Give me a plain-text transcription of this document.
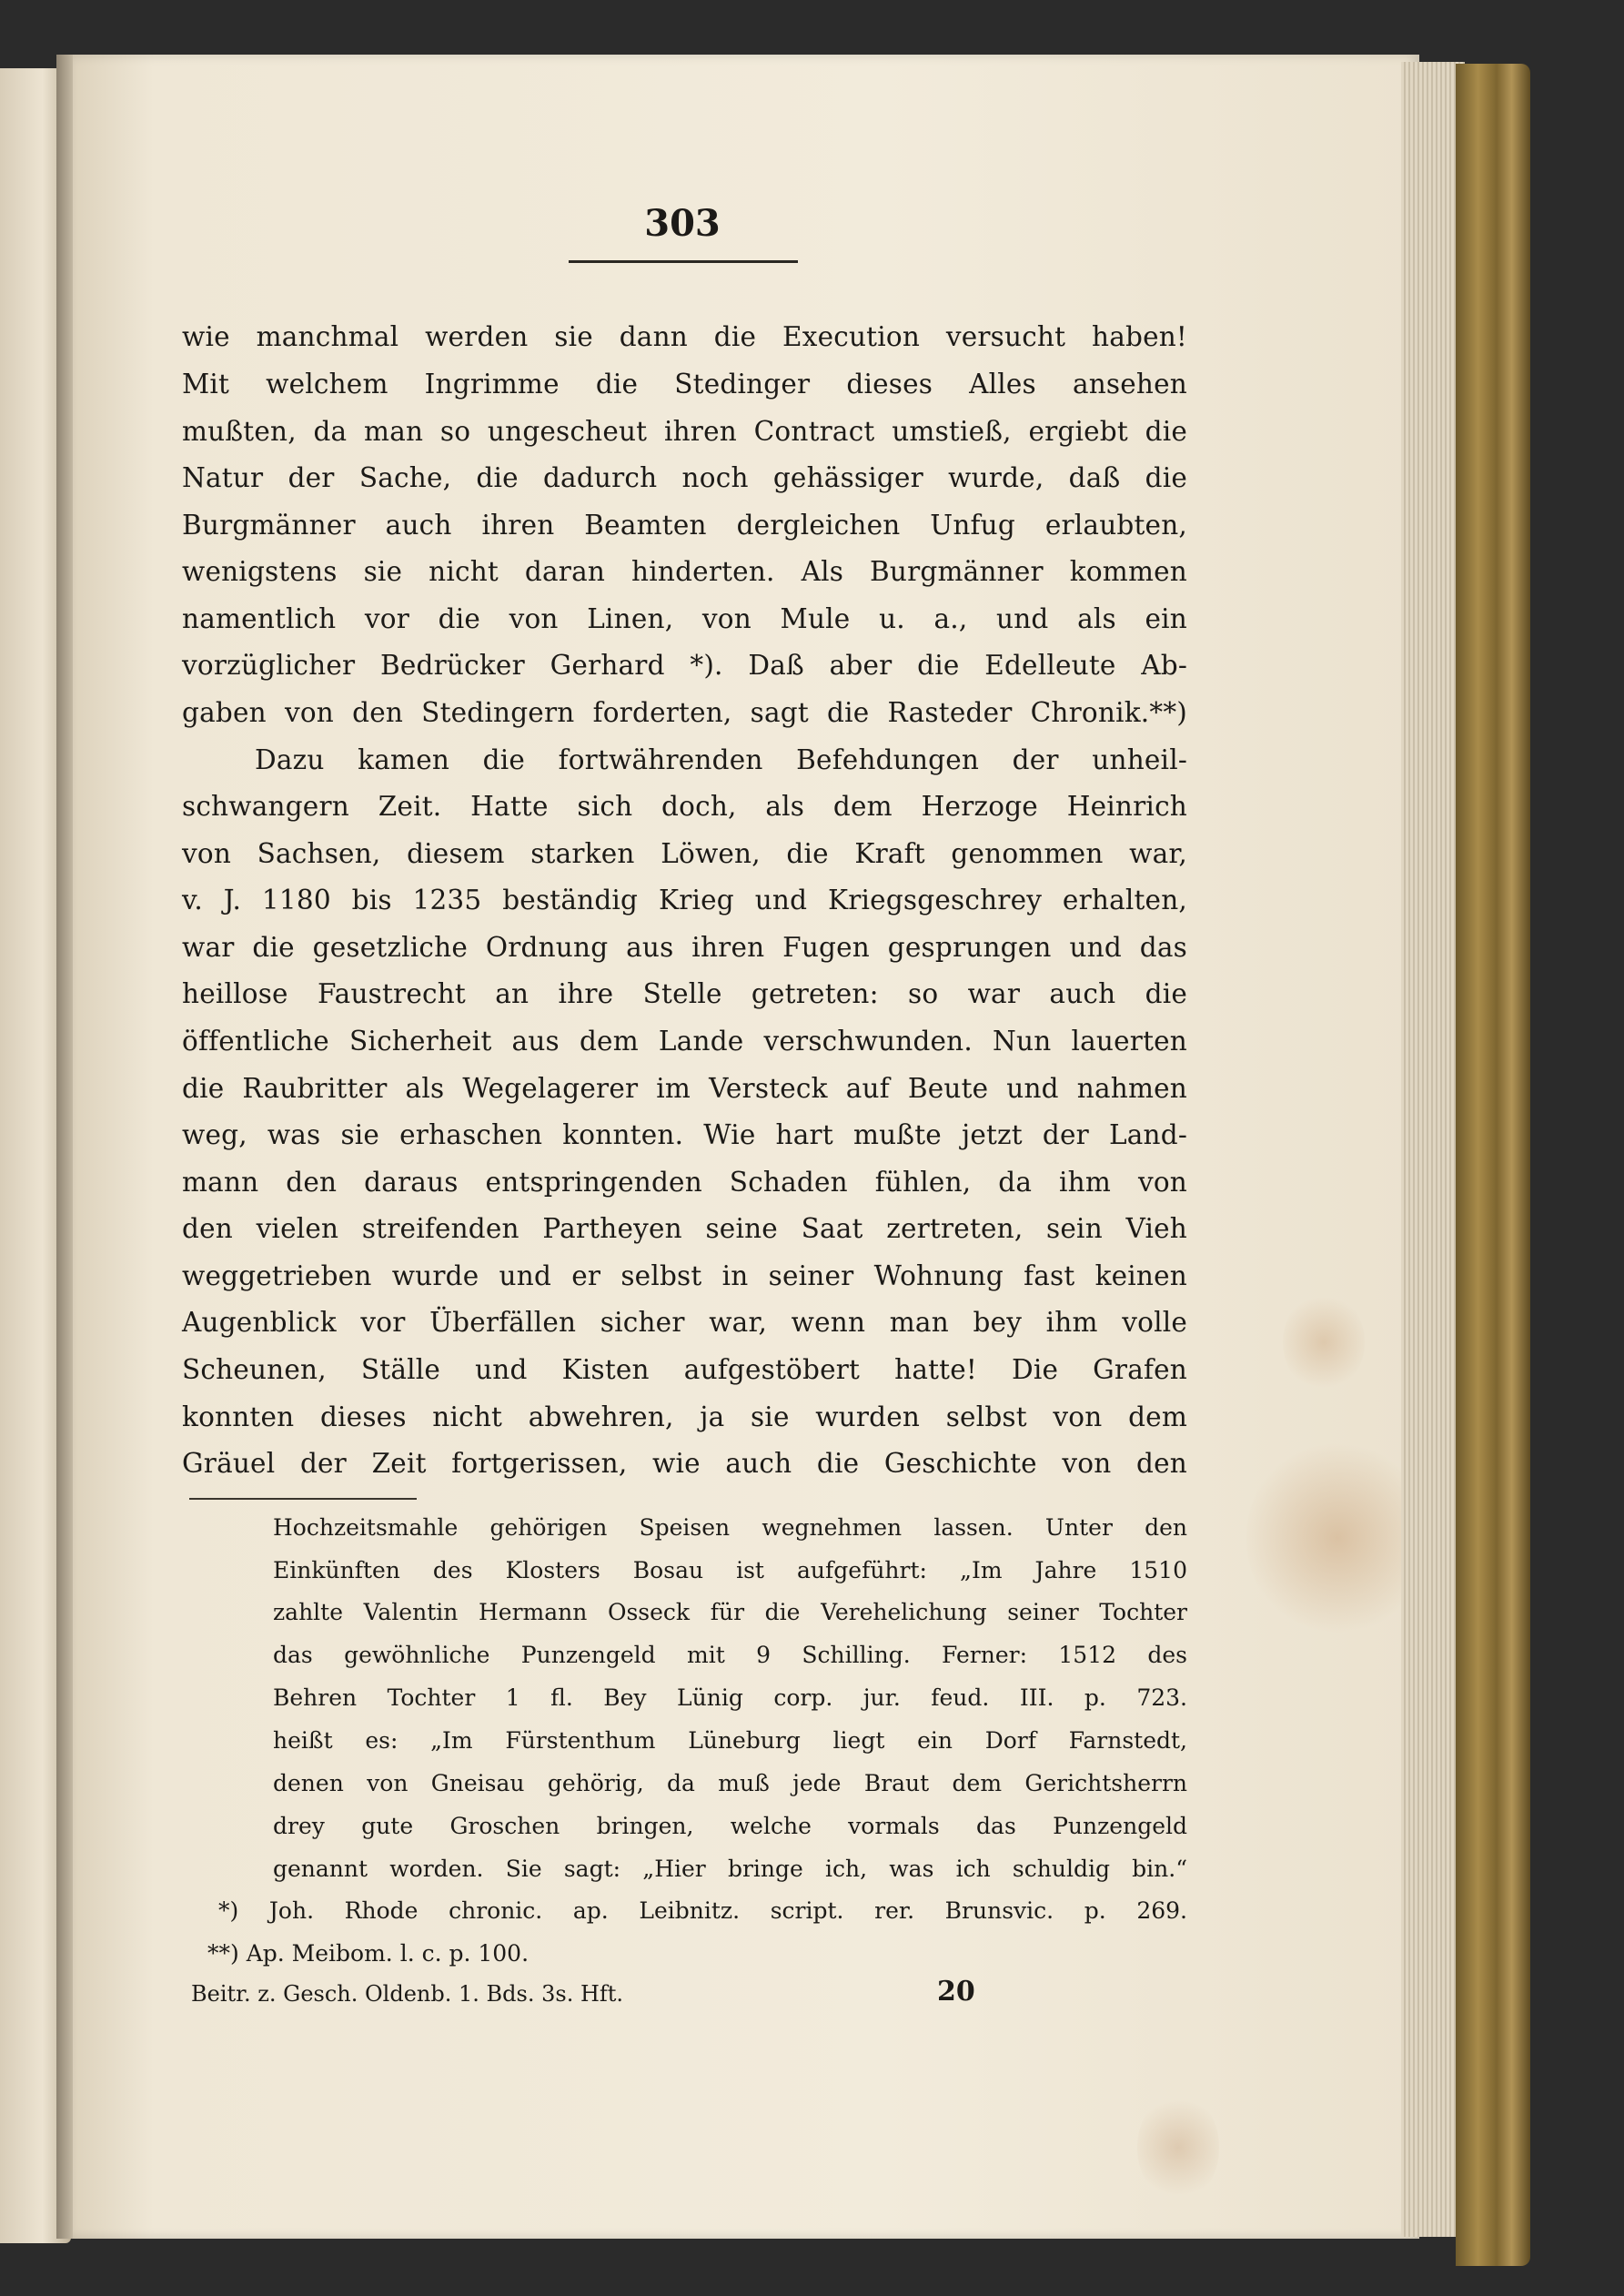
303
wie manchmal werden sie dann die Execution versucht haben!
Mit welchem Ingrimme die Stedinger dieses Alles ansehen
mußten, da man so ungescheut ihren Contract umstieß, ergiebt die
Natur der Sache, die dadurch noch gehässiger wurde, daß die
Burgmänner auch ihren Beamten dergleichen Unfug erlaubten,
wenigstens sie nicht daran hinderten. Als Burgmänner kommen
namentlich vor die von Linen, von Mule u. a., und als ein
vorzüglicher Bedrücker Gerhard *). Daß aber die Edelleute Ab-
gaben von den Stedingern forderten, sagt die Rasteder Chronik.**)
Dazu kamen die fortwährenden Befehdungen der unheil-
schwangern Zeit. Hatte sich doch, als dem Herzoge Heinrich
von Sachsen, diesem starken Löwen, die Kraft genommen war,
v. J. 1180 bis 1235 beständig Krieg und Kriegsgeschrey erhalten,
war die gesetzliche Ordnung aus ihren Fugen gesprungen und das
heillose Faustrecht an ihre Stelle getreten: so war auch die
öffentliche Sicherheit aus dem Lande verschwunden. Nun lauerten
die Raubritter als Wegelagerer im Versteck auf Beute und nahmen
weg, was sie erhaschen konnten. Wie hart mußte jetzt der Land-
mann den daraus entspringenden Schaden fühlen, da ihm von
den vielen streifenden Partheyen seine Saat zertreten, sein Vieh
weggetrieben wurde und er selbst in seiner Wohnung fast keinen
Augenblick vor Überfällen sicher war, wenn man bey ihm volle
Scheunen, Ställe und Kisten aufgestöbert hatte! Die Grafen
konnten dieses nicht abwehren, ja sie wurden selbst von dem
Gräuel der Zeit fortgerissen, wie auch die Geschichte von den
Hochzeitsmahle gehörigen Speisen wegnehmen lassen. Unter den
Einkünften des Klosters Bosau ist aufgeführt: „Im Jahre 1510
zahlte Valentin Hermann Osseck für die Verehelichung seiner Tochter
das gewöhnliche Punzengeld mit 9 Schilling. Ferner: 1512 des
Behren Tochter 1 fl. Bey Lünig corp. jur. feud. III. p. 723.
heißt es: „Im Fürstenthum Lüneburg liegt ein Dorf Farnstedt,
denen von Gneisau gehörig, da muß jede Braut dem Gerichtsherrn
drey gute Groschen bringen, welche vormals das Punzengeld
genannt worden. Sie sagt: „Hier bringe ich, was ich schuldig bin.“
*) Joh. Rhode chronic. ap. Leibnitz. script. rer. Brunsvic. p. 269.
**) Ap. Meibom. l. c. p. 100.
Beitr. z. Gesch. Oldenb. 1. Bds. 3s. Hft.	20
